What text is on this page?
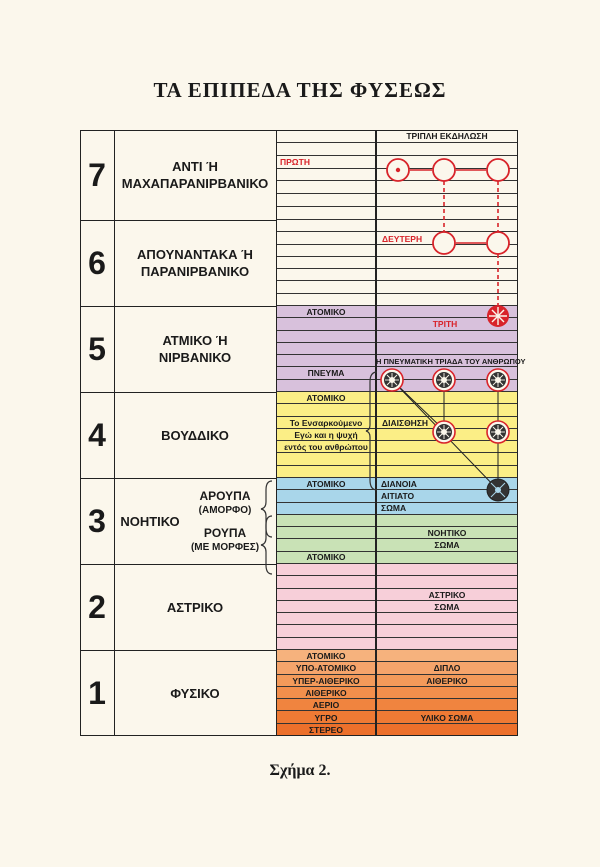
ΤΑ ΕΠΙΠΕΔΑ ΤΗΣ ΦΥΣΕΩΣ
7
6
5
4
3
2
1
ΑΝΤΙ Ή
ΜΑΧΑΠΑΡΑΝΙΡΒΑΝΙΚΟ
ΑΠΟΥΝΑΝΤΑΚΑ Ή
ΠΑΡΑΝΙΡΒΑΝΙΚΟ
ΑΤΜΙΚΟ Ή
ΝΙΡΒΑΝΙΚΟ
ΒΟΥΔΔΙΚΟ
ΝΟΗΤΙΚΟ
ΑΣΤΡΙΚΟ
ΦΥΣΙΚΟ
ΑΡΟΥΠΑ
(ΑΜΟΡΦΟ)
ΡΟΥΠΑ
(ΜΕ ΜΟΡΦΕΣ)
ΤΡΙΠΛΗ ΕΚΔΗΛΩΣΗ
ΠΡΩΤΗ
ΔΕΥΤΕΡΗ
ΑΤΟΜΙΚΟ
ΤΡΙΤΗ
Η ΠΝΕΥΜΑΤΙΚΗ ΤΡΙΑΔΑ ΤΟΥ ΑΝΘΡΩΠΟΥ
ΠΝΕΥΜΑ
ΑΤΟΜΙΚΟ
Το Ενσαρκούμενο
Εγώ και η ψυχή
εντός του ανθρώπου
ΔΙΑΙΣΘΗΣΗ
ΑΤΟΜΙΚΟ	ΔΙΑΝΟΙΑ
ΑΙΤΙΑΤΟ
ΣΩΜΑ
ΝΟΗΤΙΚΟ
ΣΩΜΑ
ΑΤΟΜΙΚΟ
ΑΣΤΡΙΚΟ
ΣΩΜΑ
ΑΤΟΜΙΚΟ
ΥΠΟ-ΑΤΟΜΙΚΟ
ΥΠΕΡ-ΑΙΘΕΡΙΚΟ
ΑΙΘΕΡΙΚΟ
ΑΕΡΙΟ
ΥΓΡΟ
ΣΤΕΡΕΟ
ΔΙΠΛΟ
ΑΙΘΕΡΙΚΟ
ΥΛΙΚΟ ΣΩΜΑ
Σχήμα 2.
